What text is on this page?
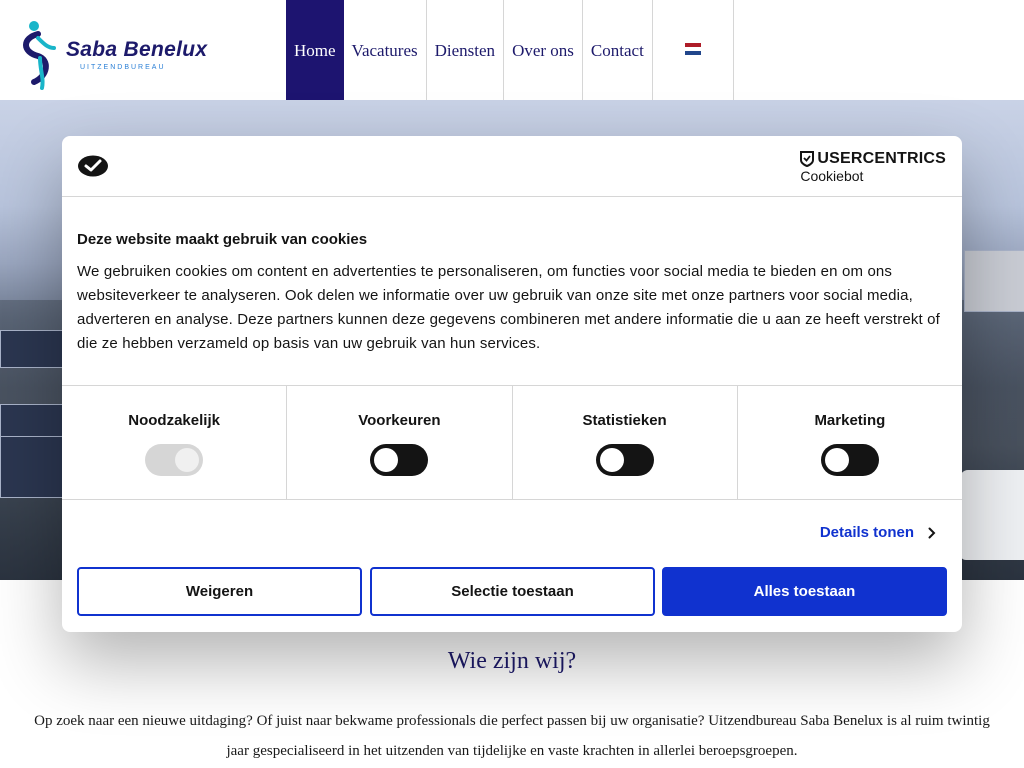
Saba Benelux
UITZENDBUREAU
Home Vacatures	Diensten	Over ons	Contact
Wie zijn wij?

Op zoek naar een nieuwe uitdaging? Of juist naar bekwame professionals die perfect passen bij uw organisatie? Uitzendbureau Saba Benelux is al ruim twintig jaar gespecialiseerd in het uitzenden van tijdelijke en vaste krachten in allerlei beroepsgroepen.

USERCENTRICS
Cookiebot
Deze website maakt gebruik van cookies
We gebruiken cookies om content en advertenties te personaliseren, om functies voor social media te bieden en om ons websiteverkeer te analyseren. Ook delen we informatie over uw gebruik van onze site met onze partners voor social media, adverteren en analyse. Deze partners kunnen deze gegevens combineren met andere informatie die u aan ze heeft verstrekt of die ze hebben verzameld op basis van uw gebruik van hun services.
Noodzakelijk	Voorkeuren	Statistieken	Marketing
Details tonen
Weigeren	Selectie toestaan	Alles toestaan
